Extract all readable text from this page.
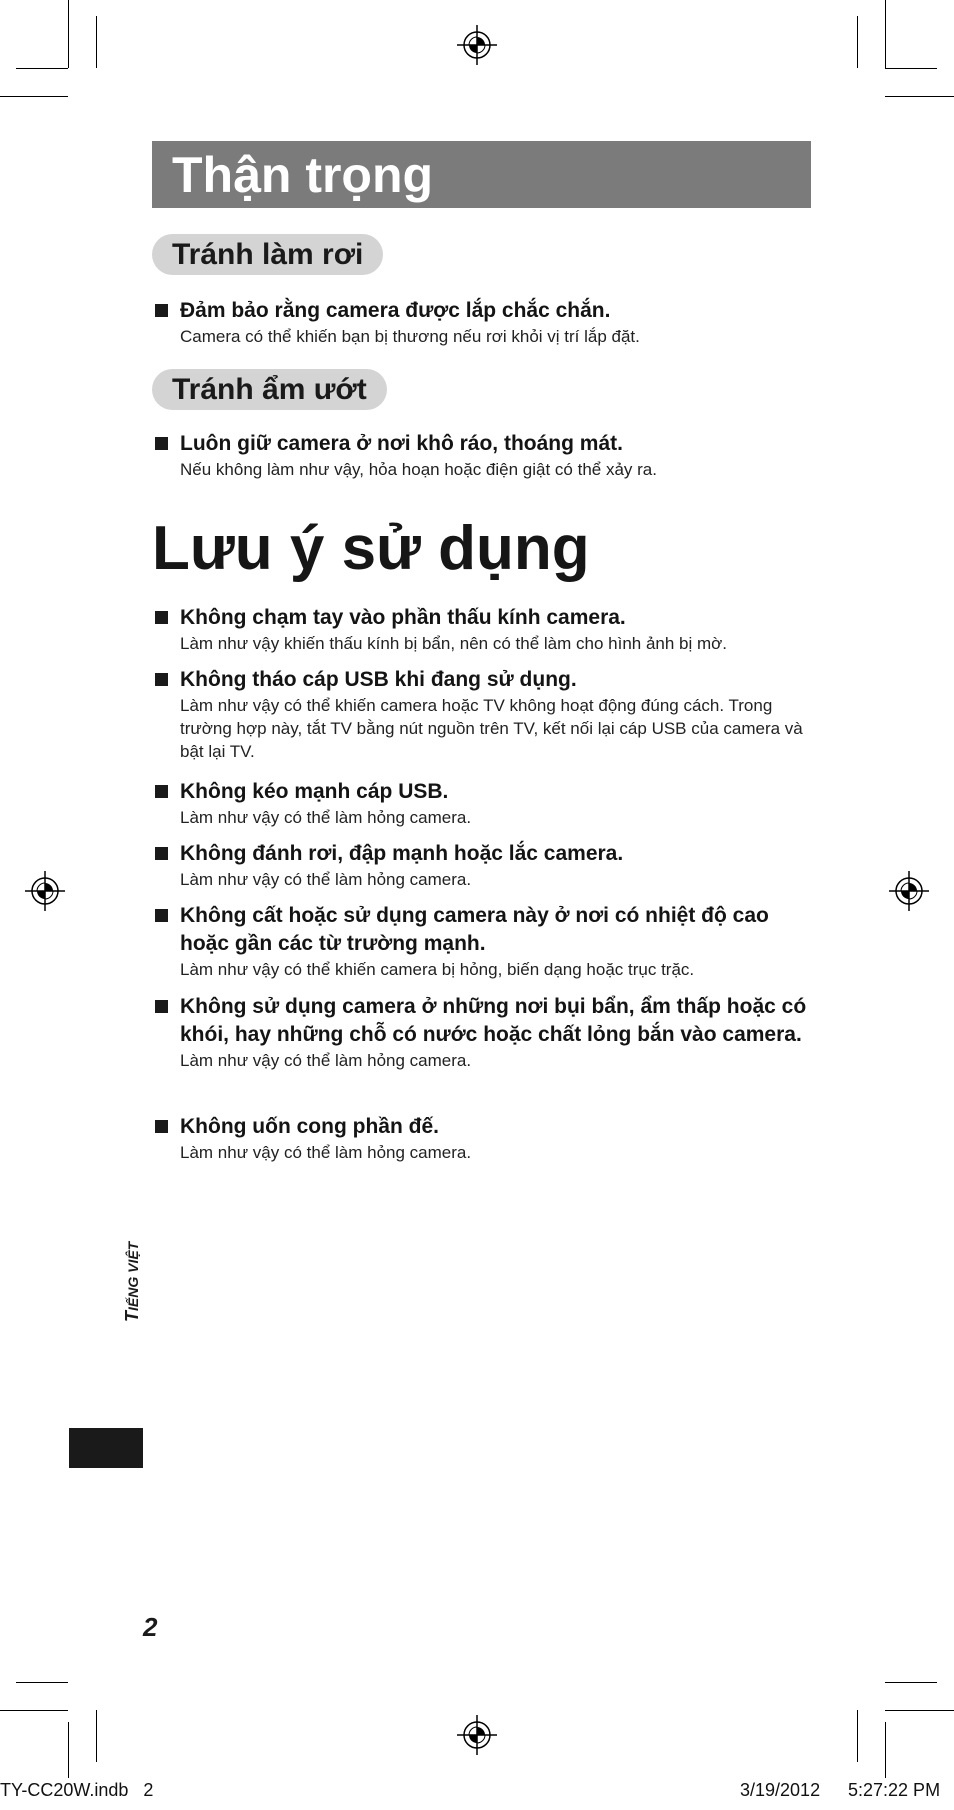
Thận trọng
Tránh làm rơi

Đảm bảo rằng camera được lắp chắc chắn.

Camera có thể khiến bạn bị thương nếu rơi khỏi vị trí lắp đặt.

Tránh ẩm ướt

Luôn giữ camera ở nơi khô ráo, thoáng mát.

Nếu không làm như vậy, hỏa hoạn hoặc điện giật có thể xảy ra.

Lưu ý sử dụng

Không chạm tay vào phần thấu kính camera.

Làm như vậy khiến thấu kính bị bẩn, nên có thể làm cho hình ảnh bị mờ.

Không tháo cáp USB khi đang sử dụng.

Làm như vậy có thể khiến camera hoặc TV không hoạt động đúng cách. Trong trường hợp này, tắt TV bằng nút nguồn trên TV, kết nối lại cáp USB của camera và bật lại TV.

Không kéo mạnh cáp USB.

Làm như vậy có thể làm hỏng camera.

Không đánh rơi, đập mạnh hoặc lắc camera.

Làm như vậy có thể làm hỏng camera.

Không cất hoặc sử dụng camera này ở nơi có nhiệt độ cao hoặc gần các từ trường mạnh.

Làm như vậy có thể khiến camera bị hỏng, biến dạng hoặc trục trặc.

Không sử dụng camera ở những nơi bụi bẩn, ẩm thấp hoặc có khói, hay những chỗ có nước hoặc chất lỏng bắn vào camera.

Làm như vậy có thể làm hỏng camera.

Không uốn cong phần đế.

Làm như vậy có thể làm hỏng camera.

TIẾNG VIỆT
2
TY-CC20W.indb   2	3/19/2012 5:27:22 PM
